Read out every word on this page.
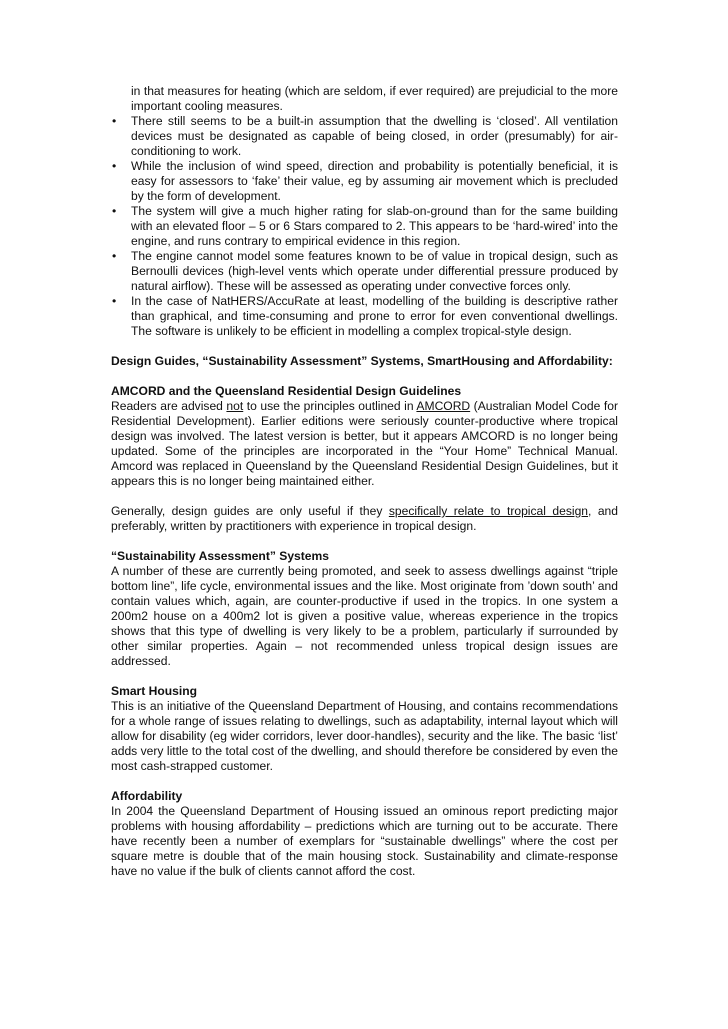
in that measures for heating (which are seldom, if ever required) are prejudicial to the more important cooling measures.

• There still seems to be a built-in assumption that the dwelling is ‘closed’. All ventilation devices must be designated as capable of being closed, in order (presumably) for air-conditioning to work.
• While the inclusion of wind speed, direction and probability is potentially beneficial, it is easy for assessors to ‘fake’ their value, eg by assuming air movement which is precluded by the form of development.
• The system will give a much higher rating for slab-on-ground than for the same building with an elevated floor – 5 or 6 Stars compared to 2. This appears to be ‘hard-wired’ into the engine, and runs contrary to empirical evidence in this region.
• The engine cannot model some features known to be of value in tropical design, such as Bernoulli devices (high-level vents which operate under differential pressure produced by natural airflow). These will be assessed as operating under convective forces only.
• In the case of NatHERS/AccuRate at least, modelling of the building is descriptive rather than graphical, and time-consuming and prone to error for even conventional dwellings. The software is unlikely to be efficient in modelling a complex tropical-style design.

Design Guides, “Sustainability Assessment” Systems, SmartHousing and Affordability:

AMCORD and the Queensland Residential Design Guidelines

Readers are advised not to use the principles outlined in AMCORD (Australian Model Code for Residential Development). Earlier editions were seriously counter-productive where tropical design was involved. The latest version is better, but it appears AMCORD is no longer being updated. Some of the principles are incorporated in the “Your Home” Technical Manual. Amcord was replaced in Queensland by the Queensland Residential Design Guidelines, but it appears this is no longer being maintained either.

Generally, design guides are only useful if they specifically relate to tropical design, and preferably, written by practitioners with experience in tropical design.

“Sustainability Assessment” Systems

A number of these are currently being promoted, and seek to assess dwellings against “triple bottom line”, life cycle, environmental issues and the like. Most originate from ’down south’ and contain values which, again, are counter-productive if used in the tropics. In one system a 200m2 house on a 400m2 lot is given a positive value, whereas experience in the tropics shows that this type of dwelling is very likely to be a problem, particularly if surrounded by other similar properties. Again – not recommended unless tropical design issues are addressed.

Smart Housing

This is an initiative of the Queensland Department of Housing, and contains recommendations for a whole range of issues relating to dwellings, such as adaptability, internal layout which will allow for disability (eg wider corridors, lever door-handles), security and the like. The basic ‘list’ adds very little to the total cost of the dwelling, and should therefore be considered by even the most cash-strapped customer.

Affordability

In 2004 the Queensland Department of Housing issued an ominous report predicting major problems with housing affordability – predictions which are turning out to be accurate. There have recently been a number of exemplars for “sustainable dwellings” where the cost per square metre is double that of the main housing stock. Sustainability and climate-response have no value if the bulk of clients cannot afford the cost.
